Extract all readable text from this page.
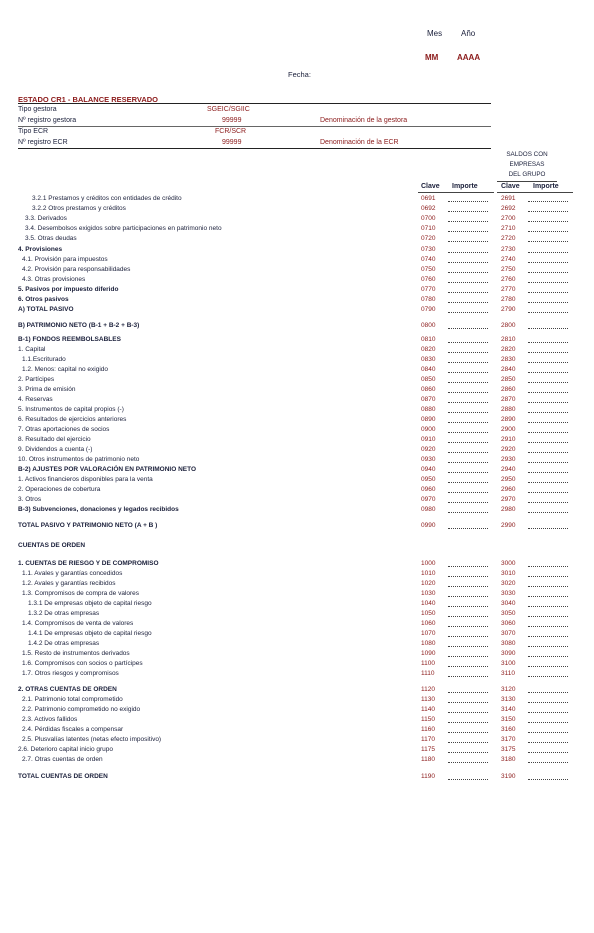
Mes Año
MM AAAA
Fecha:
ESTADO CR1 - BALANCE RESERVADO
Tipo gestora	SGEIC/SGIIC
Nº registro gestora	99999	Denominación de la gestora
Tipo ECR	FCR/SCR
Nº registro ECR	99999	Denominación de la ECR
SALDOS CON
EMPRESAS
DEL GRUPO
Clave Importe	Clave Importe
3.2.1 Prestamos y créditos con entidades de crédito	0691	2691
3.2.2 Otros prestamos y créditos	0692	2692
3.3. Derivados	0700	2700
3.4. Desembolsos exigidos sobre participaciones en patrimonio neto	0710	2710
3.5. Otras deudas	0720	2720
4. Provisiones	0730	2730
4.1. Provisión para impuestos	0740	2740
4.2. Provisión para responsabilidades	0750	2750
4.3. Otras provisiones	0760	2760
5. Pasivos por impuesto diferido	0770	2770
6. Otros pasivos	0780	2780
A) TOTAL PASIVO	0790	2790
B) PATRIMONIO NETO (B-1 + B-2 + B-3)	0800	2800
B-1) FONDOS REEMBOLSABLES	0810	2810
1. Capital	0820	2820
1.1.Escriturado	0830	2830
1.2. Menos: capital no exigido	0840	2840
2. Partícipes	0850	2850
3. Prima de emisión	0860	2860
4. Reservas	0870	2870
5. Instrumentos de capital propios (-)	0880	2880
6. Resultados de ejercicios anteriores	0890	2890
7. Otras aportaciones de socios	0900	2900
8. Resultado del ejercicio	0910	2910
9. Dividendos a cuenta (-)	0920	2920
10. Otros instrumentos de patrimonio neto	0930	2930
B-2) AJUSTES POR VALORACIÓN EN PATRIMONIO NETO	0940	2940
1. Activos financieros disponibles para la venta	0950	2950
2. Operaciones de cobertura	0960	2960
3. Otros	0970	2970
B-3) Subvenciones, donaciones y legados recibidos	0980	2980
TOTAL PASIVO Y PATRIMONIO NETO (A + B )	0990	2990
CUENTAS DE ORDEN
1. CUENTAS DE RIESGO Y DE COMPROMISO	1000	3000
1.1. Avales y garantías concedidos	1010	3010
1.2. Avales y garantías recibidos	1020	3020
1.3. Compromisos de compra de valores	1030	3030
1.3.1 De empresas objeto de capital riesgo	1040	3040
1.3.2 De otras empresas	1050	3050
1.4. Compromisos de venta de valores	1060	3060
1.4.1 De empresas objeto de capital riesgo	1070	3070
1.4.2 De otras empresas	1080	3080
1.5. Resto de instrumentos derivados	1090	3090
1.6. Compromisos con socios o partícipes	1100	3100
1.7. Otros riesgos y compromisos	1110	3110
2. OTRAS CUENTAS DE ORDEN	1120	3120
2.1. Patrimonio total comprometido	1130	3130
2.2. Patrimonio comprometido no exigido	1140	3140
2.3. Activos fallidos	1150	3150
2.4. Pérdidas fiscales a compensar	1160	3160
2.5. Plusvalías latentes (netas efecto impositivo)	1170	3170
2.6. Deterioro capital inicio grupo	1175	3175
2.7. Otras cuentas de orden	1180	3180
TOTAL CUENTAS DE ORDEN	1190	3190
